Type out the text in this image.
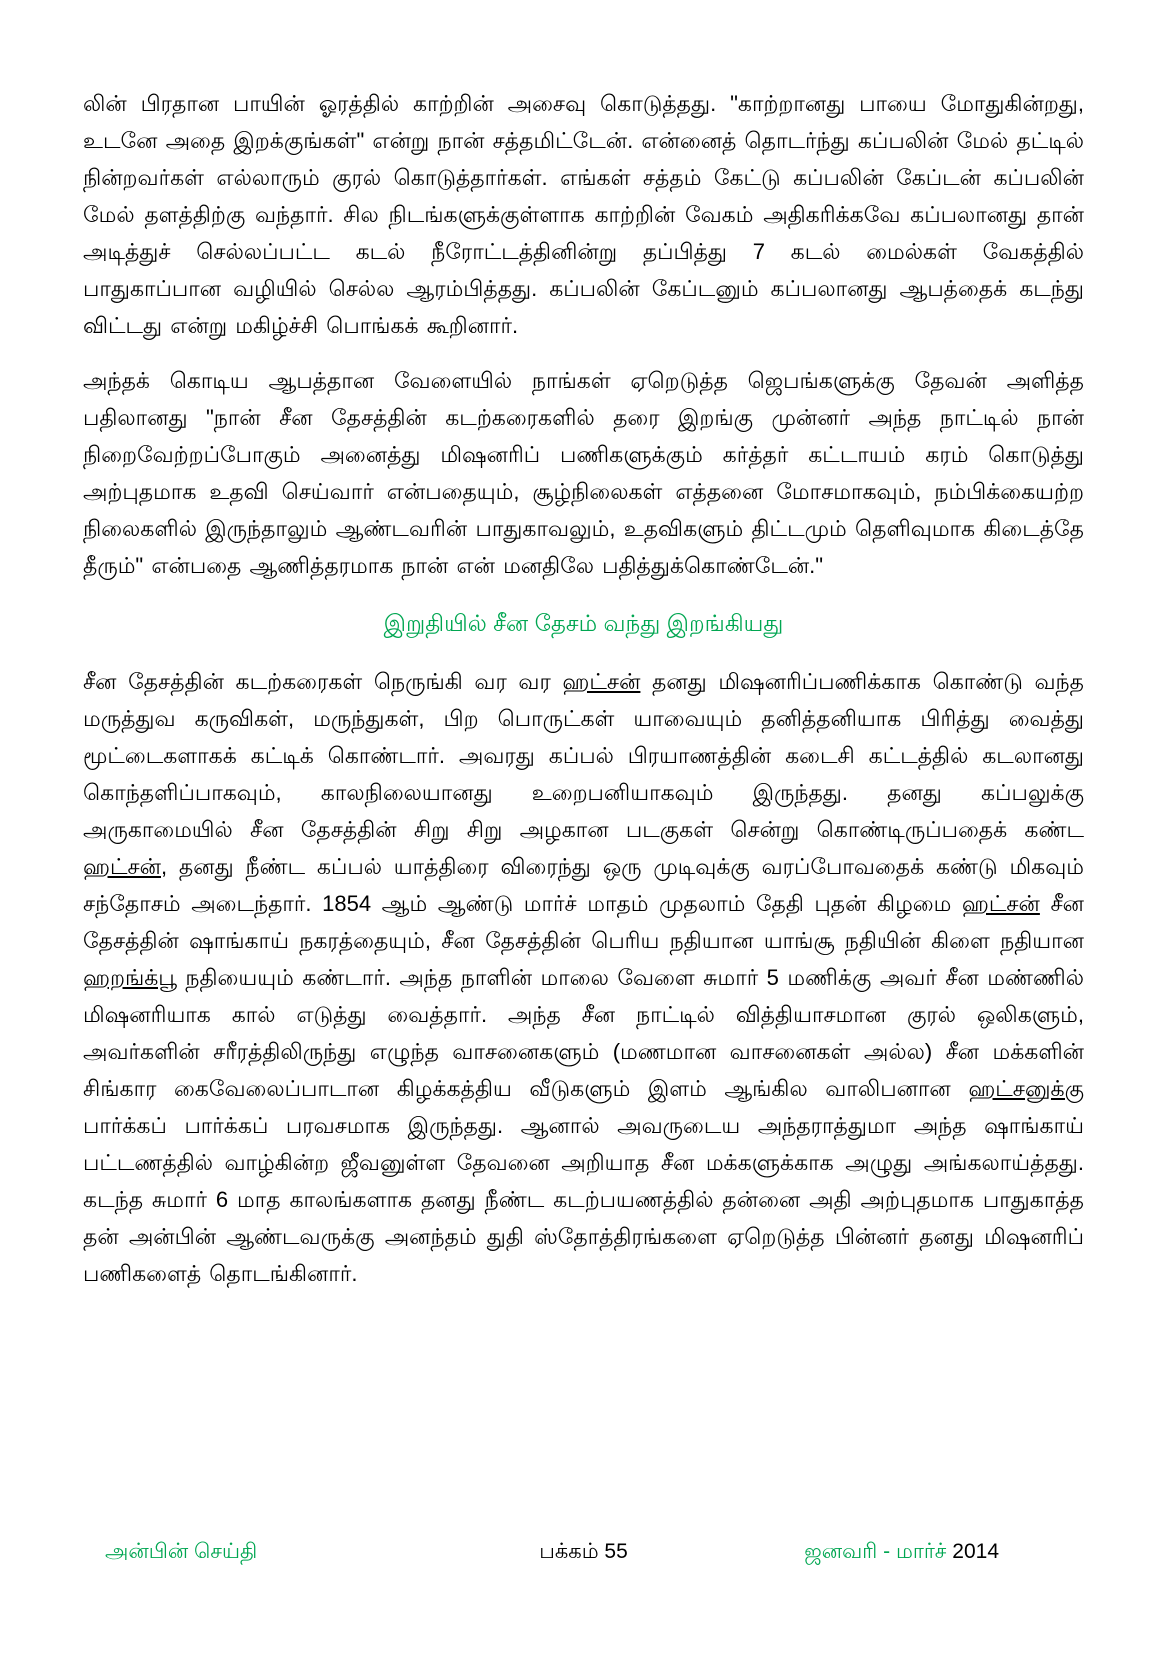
லின் பிரதான பாயின் ஓரத்தில் காற்றின் அசைவு கொடுத்தது. "காற்றானது பாயை மோதுகின்றது, உடனே அதை இறக்குங்கள்" என்று நான் சத்தமிட்டேன். என்னைத் தொடர்ந்து கப்பலின் மேல் தட்டில் நின்றவர்கள் எல்லாரும் குரல் கொடுத்தார்கள். எங்கள் சத்தம் கேட்டு கப்பலின் கேப்டன் கப்பலின் மேல் தளத்திற்கு வந்தார். சில நிடங்களுக்குள்ளாக காற்றின் வேகம் அதிகரிக்கவே கப்பலானது தான் அடித்துச் செல்லப்பட்ட கடல் நீரோட்டத்தினின்று தப்பித்து 7 கடல் மைல்கள் வேகத்தில் பாதுகாப்பான வழியில் செல்ல ஆரம்பித்தது. கப்பலின் கேப்டனும் கப்பலானது ஆபத்தைக் கடந்து விட்டது என்று மகிழ்ச்சி பொங்கக் கூறினார்.

அந்தக் கொடிய ஆபத்தான வேளையில் நாங்கள் ஏறெடுத்த ஜெபங்களுக்கு தேவன் அளித்த பதிலானது "நான் சீன தேசத்தின் கடற்கரைகளில் தரை இறங்கு முன்னர் அந்த நாட்டில் நான் நிறைவேற்றப்போகும் அனைத்து மிஷனரிப் பணிகளுக்கும் கர்த்தர் கட்டாயம் கரம் கொடுத்து அற்புதமாக உதவி செய்வார் என்பதையும், சூழ்நிலைகள் எத்தனை மோசமாகவும், நம்பிக்கையற்ற நிலைகளில் இருந்தாலும் ஆண்டவரின் பாதுகாவலும், உதவிகளும் திட்டமும் தெளிவுமாக கிடைத்தே தீரும்" என்பதை ஆணித்தரமாக நான் என் மனதிலே பதித்துக்கொண்டேன்."

இறுதியில் சீன தேசம் வந்து இறங்கியது

சீன தேசத்தின் கடற்கரைகள் நெருங்கி வர வர ஹட்சன் தனது மிஷனரிப்பணிக்காக கொண்டு வந்த மருத்துவ கருவிகள், மருந்துகள், பிற பொருட்கள் யாவையும் தனித்தனியாக பிரித்து வைத்து மூட்டைகளாகக் கட்டிக் கொண்டார். அவரது கப்பல் பிரயாணத்தின் கடைசி கட்டத்தில் கடலானது கொந்தளிப்பாகவும், காலநிலையானது உறைபனியாகவும் இருந்தது. தனது கப்பலுக்கு அருகாமையில் சீன தேசத்தின் சிறு சிறு அழகான படகுகள் சென்று கொண்டிருப்பதைக் கண்ட ஹட்சன், தனது நீண்ட கப்பல் யாத்திரை விரைந்து ஒரு முடிவுக்கு வரப்போவதைக் கண்டு மிகவும் சந்தோசம் அடைந்தார். 1854 ஆம் ஆண்டு மார்ச் மாதம் முதலாம் தேதி புதன் கிழமை ஹட்சன் சீன தேசத்தின் ஷாங்காய் நகரத்தையும், சீன தேசத்தின் பெரிய நதியான யாங்சூ நதியின் கிளை நதியான ஹறங்க்பூ நதியையும் கண்டார். அந்த நாளின் மாலை வேளை சுமார் 5 மணிக்கு அவர் சீன மண்ணில் மிஷனரியாக கால் எடுத்து வைத்தார். அந்த சீன நாட்டில் வித்தியாசமான குரல் ஒலிகளும், அவர்களின் சரீரத்திலிருந்து எழுந்த வாசனைகளும் (மணமான வாசனைகள் அல்ல) சீன மக்களின் சிங்கார கைவேலைப்பாடான கிழக்கத்திய வீடுகளும் இளம் ஆங்கில வாலிபனான ஹட்சனுக்கு பார்க்கப் பார்க்கப் பரவசமாக இருந்தது. ஆனால் அவருடைய அந்தராத்துமா அந்த ஷாங்காய் பட்டணத்தில் வாழ்கின்ற ஜீவனுள்ள தேவனை அறியாத சீன மக்களுக்காக அழுது அங்கலாய்த்தது. கடந்த சுமார் 6 மாத காலங்களாக தனது நீண்ட கடற்பயணத்தில் தன்னை அதி அற்புதமாக பாதுகாத்த தன் அன்பின் ஆண்டவருக்கு அனந்தம் துதி ஸ்தோத்திரங்களை ஏறெடுத்த பின்னர் தனது மிஷனரிப் பணிகளைத் தொடங்கினார்.

அன்பின் செய்தி	பக்கம் 55	ஜனவரி - மார்ச் 2014
